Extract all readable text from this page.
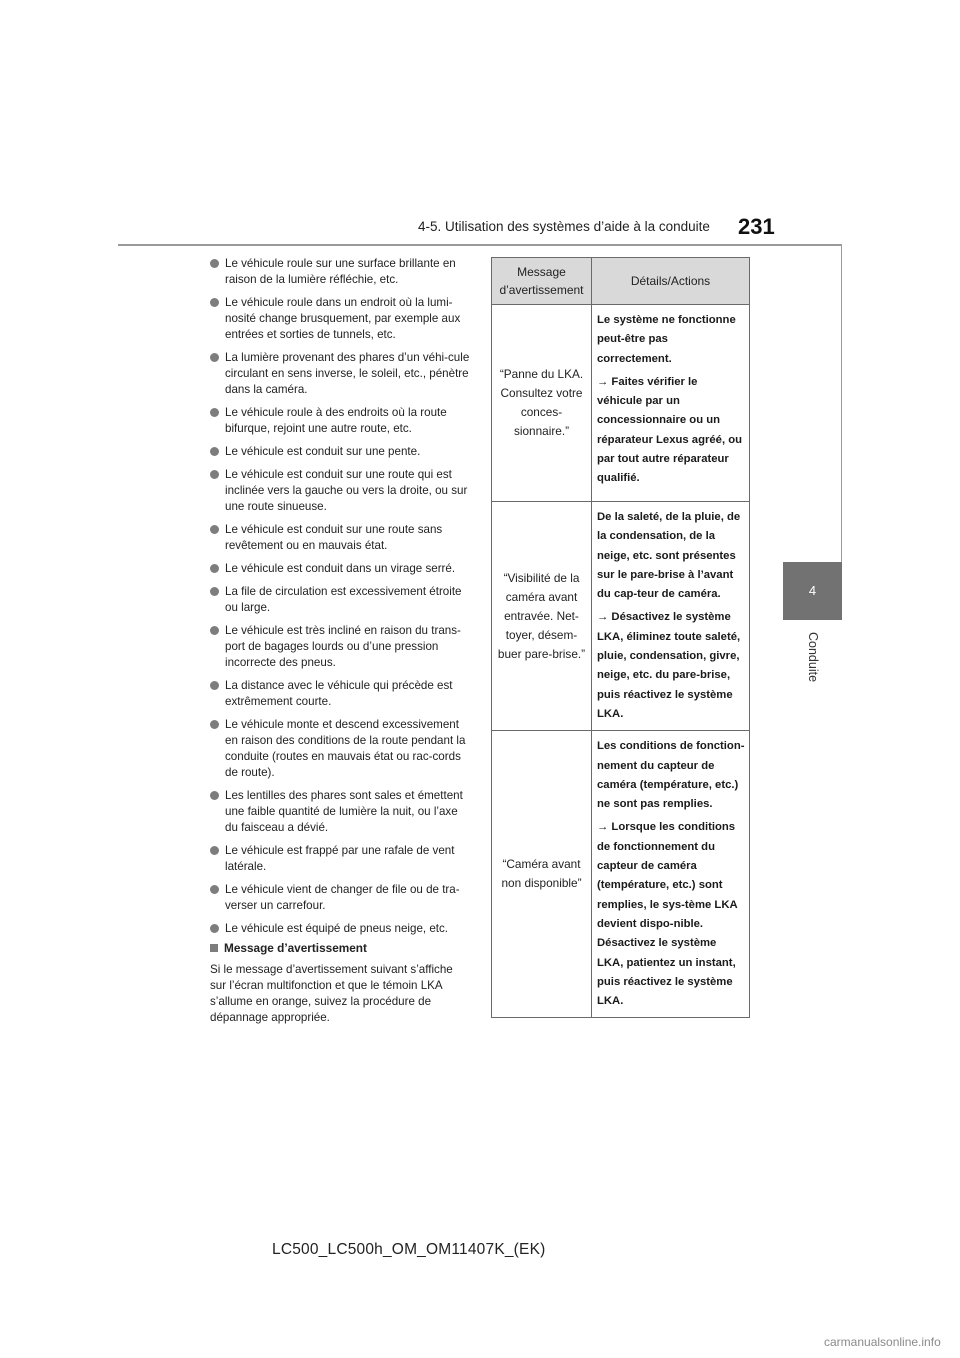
4-5. Utilisation des systèmes d’aide à la conduite	231
4
Conduite
Le véhicule roule sur une surface brillante en raison de la lumière réfléchie, etc.
Le véhicule roule dans un endroit où la lumi-nosité change brusquement, par exemple aux entrées et sorties de tunnels, etc.
La lumière provenant des phares d’un véhi-cule circulant en sens inverse, le soleil, etc., pénètre dans la caméra.
Le véhicule roule à des endroits où la route bifurque, rejoint une autre route, etc.
Le véhicule est conduit sur une pente.
Le véhicule est conduit sur une route qui est inclinée vers la gauche ou vers la droite, ou sur une route sinueuse.
Le véhicule est conduit sur une route sans revêtement ou en mauvais état.
Le véhicule est conduit dans un virage serré.
La file de circulation est excessivement étroite ou large.
Le véhicule est très incliné en raison du trans-port de bagages lourds ou d’une pression incorrecte des pneus.
La distance avec le véhicule qui précède est extrêmement courte.
Le véhicule monte et descend excessivement en raison des conditions de la route pendant la conduite (routes en mauvais état ou rac-cords de route).
Les lentilles des phares sont sales et émettent une faible quantité de lumière la nuit, ou l’axe du faisceau a dévié.
Le véhicule est frappé par une rafale de vent latérale.
Le véhicule vient de changer de file ou de tra-verser un carrefour.
Le véhicule est équipé de pneus neige, etc.
Message d’avertissement
Si le message d’avertissement suivant s’affiche sur l’écran multifonction et que le témoin LKA s’allume en orange, suivez la procédure de dépannage appropriée.
Message d’avertissement	Détails/Actions
“Panne du LKA. Consultez votre conces-sionnaire.”	Le système ne fonctionne peut-être pas correctement.

→ Faites vérifier le véhicule par un concessionnaire ou un réparateur Lexus agréé, ou par tout autre réparateur qualifié.

“Visibilité de la caméra avant entravée. Net-toyer, désem-buer pare-brise.”	De la saleté, de la pluie, de la condensation, de la neige, etc. sont présentes sur le pare-brise à l’avant du cap-teur de caméra.

→ Désactivez le système LKA, éliminez toute saleté, pluie, condensation, givre, neige, etc. du pare-brise, puis réactivez le système LKA.

“Caméra avant non disponible”	Les conditions de fonction-nement du capteur de caméra (température, etc.) ne sont pas remplies.

→ Lorsque les conditions de fonctionnement du capteur de caméra (température, etc.) sont remplies, le sys-tème LKA devient dispo-nible. Désactivez le système LKA, patientez un instant, puis réactivez le système LKA.

LC500_LC500h_OM_OM11407K_(EK)
carmanualsonline.info
